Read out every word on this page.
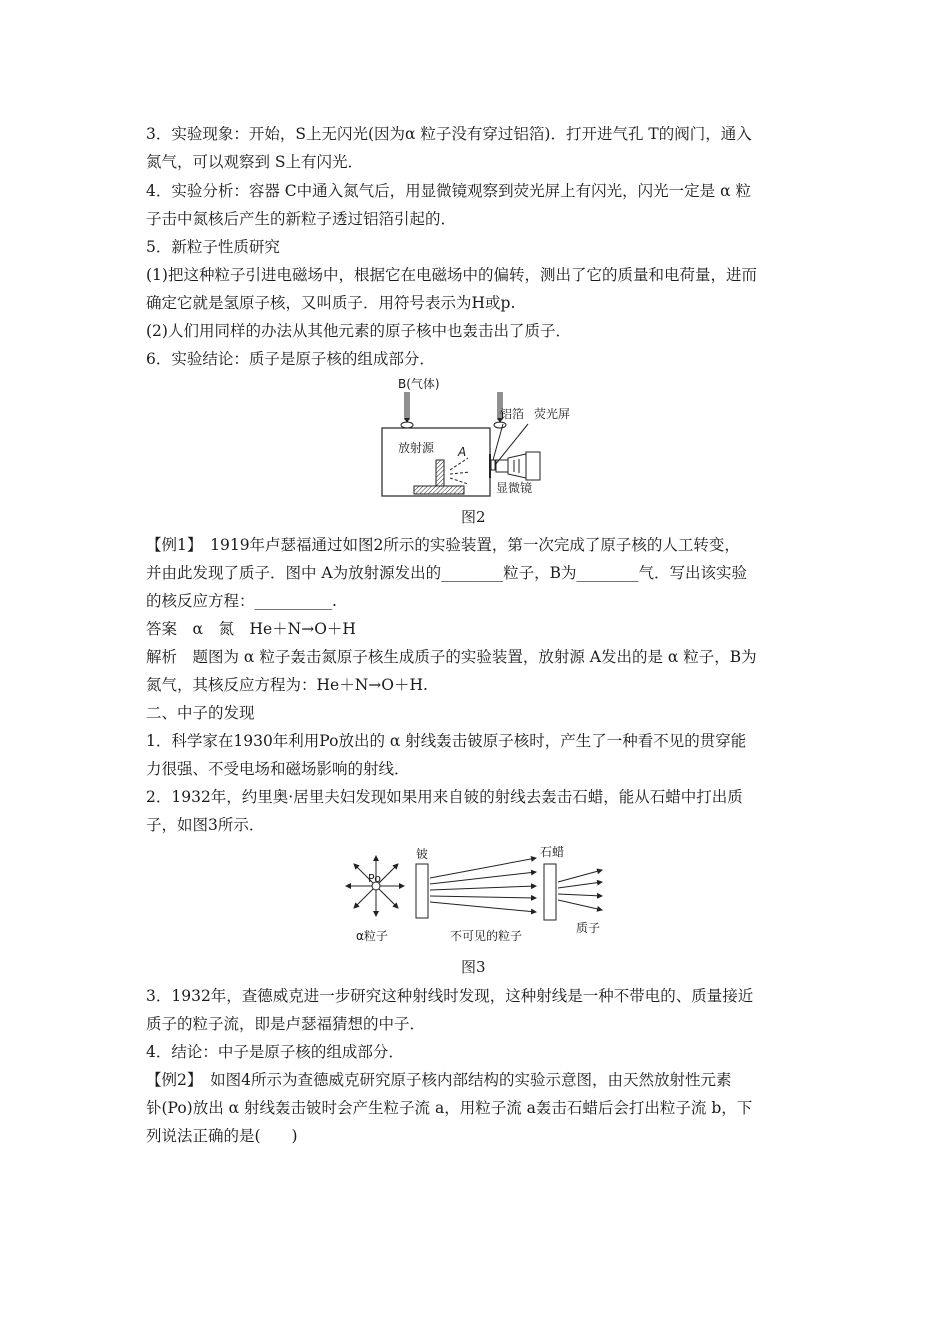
3．实验现象：开始，S上无闪光(因为α 粒子没有穿过铝箔)．打开进气孔 T的阀门，通入
氮气，可以观察到 S上有闪光．
4．实验分析：容器 C中通入氮气后，用显微镜观察到荧光屏上有闪光，闪光一定是 α 粒
子击中氮核后产生的新粒子透过铝箔引起的．
5．新粒子性质研究
(1)把这种粒子引进电磁场中，根据它在电磁场中的偏转，测出了它的质量和电荷量，进而
确定它就是氢原子核，又叫质子．用符号表示为H或p.
(2)人们用同样的办法从其他元素的原子核中也轰击出了质子．
6．实验结论：质子是原子核的组成部分．
B(气体)
放射源 A
铝箔 荧光屏
显微镜
图2
【例1】　1919年卢瑟福通过如图2所示的实验装置，第一次完成了原子核的人工转变，
并由此发现了质子．图中 A为放射源发出的________粒子，B为________气．写出该实验
的核反应方程：__________.
答案　α　氮　He＋N→O＋H
解析　题图为 α 粒子轰击氮原子核生成质子的实验装置，放射源 A发出的是 α 粒子，B为
氮气，其核反应方程为：He＋N→O＋H.
二、中子的发现
1．科学家在1930年利用Po放出的 α 射线轰击铍原子核时，产生了一种看不见的贯穿能
力很强、不受电场和磁场影响的射线．
2．1932年，约里奥·居里夫妇发现如果用来自铍的射线去轰击石蜡，能从石蜡中打出质
子，如图3所示．
Po
α粒子
铍
不可见的粒子
石蜡
质子
图3
3．1932年，查德威克进一步研究这种射线时发现，这种射线是一种不带电的、质量接近
质子的粒子流，即是卢瑟福猜想的中子．
4．结论：中子是原子核的组成部分．
【例2】　如图4所示为查德威克研究原子核内部结构的实验示意图，由天然放射性元素
钋(Po)放出 α 射线轰击铍时会产生粒子流 a，用粒子流 a轰击石蜡后会打出粒子流 b，下
列说法正确的是(　　)
